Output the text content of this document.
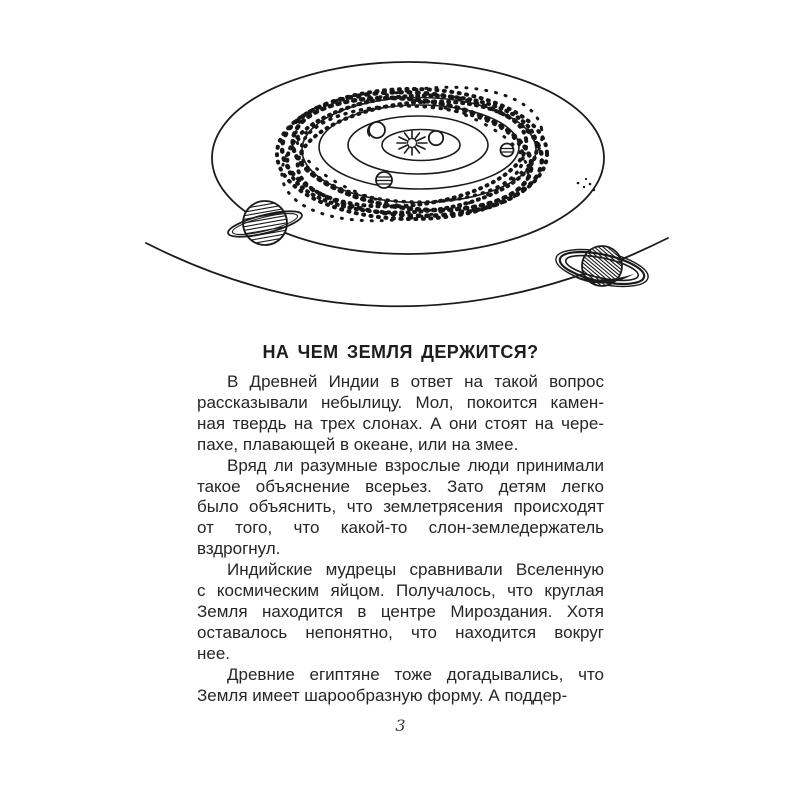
НА ЧЕМ ЗЕМЛЯ ДЕРЖИТСЯ?
В Древней Индии в ответ на такой вопрос
рассказывали небылицу. Мол, покоится камен-
ная твердь на трех слонах. А они стоят на чере-
пахе, плавающей в океане, или на змее.
Вряд ли разумные взрослые люди принимали
такое объяснение всерьез. Зато детям легко
было объяснить, что землетрясения происходят
от того, что какой-то слон-земледержатель
вздрогнул.
Индийские мудрецы сравнивали Вселенную
с космическим яйцом. Получалось, что круглая
Земля находится в центре Мироздания. Хотя
оставалось непонятно, что находится вокруг
нее.
Древние египтяне тоже догадывались, что
Земля имеет шарообразную форму. А поддер-
3
